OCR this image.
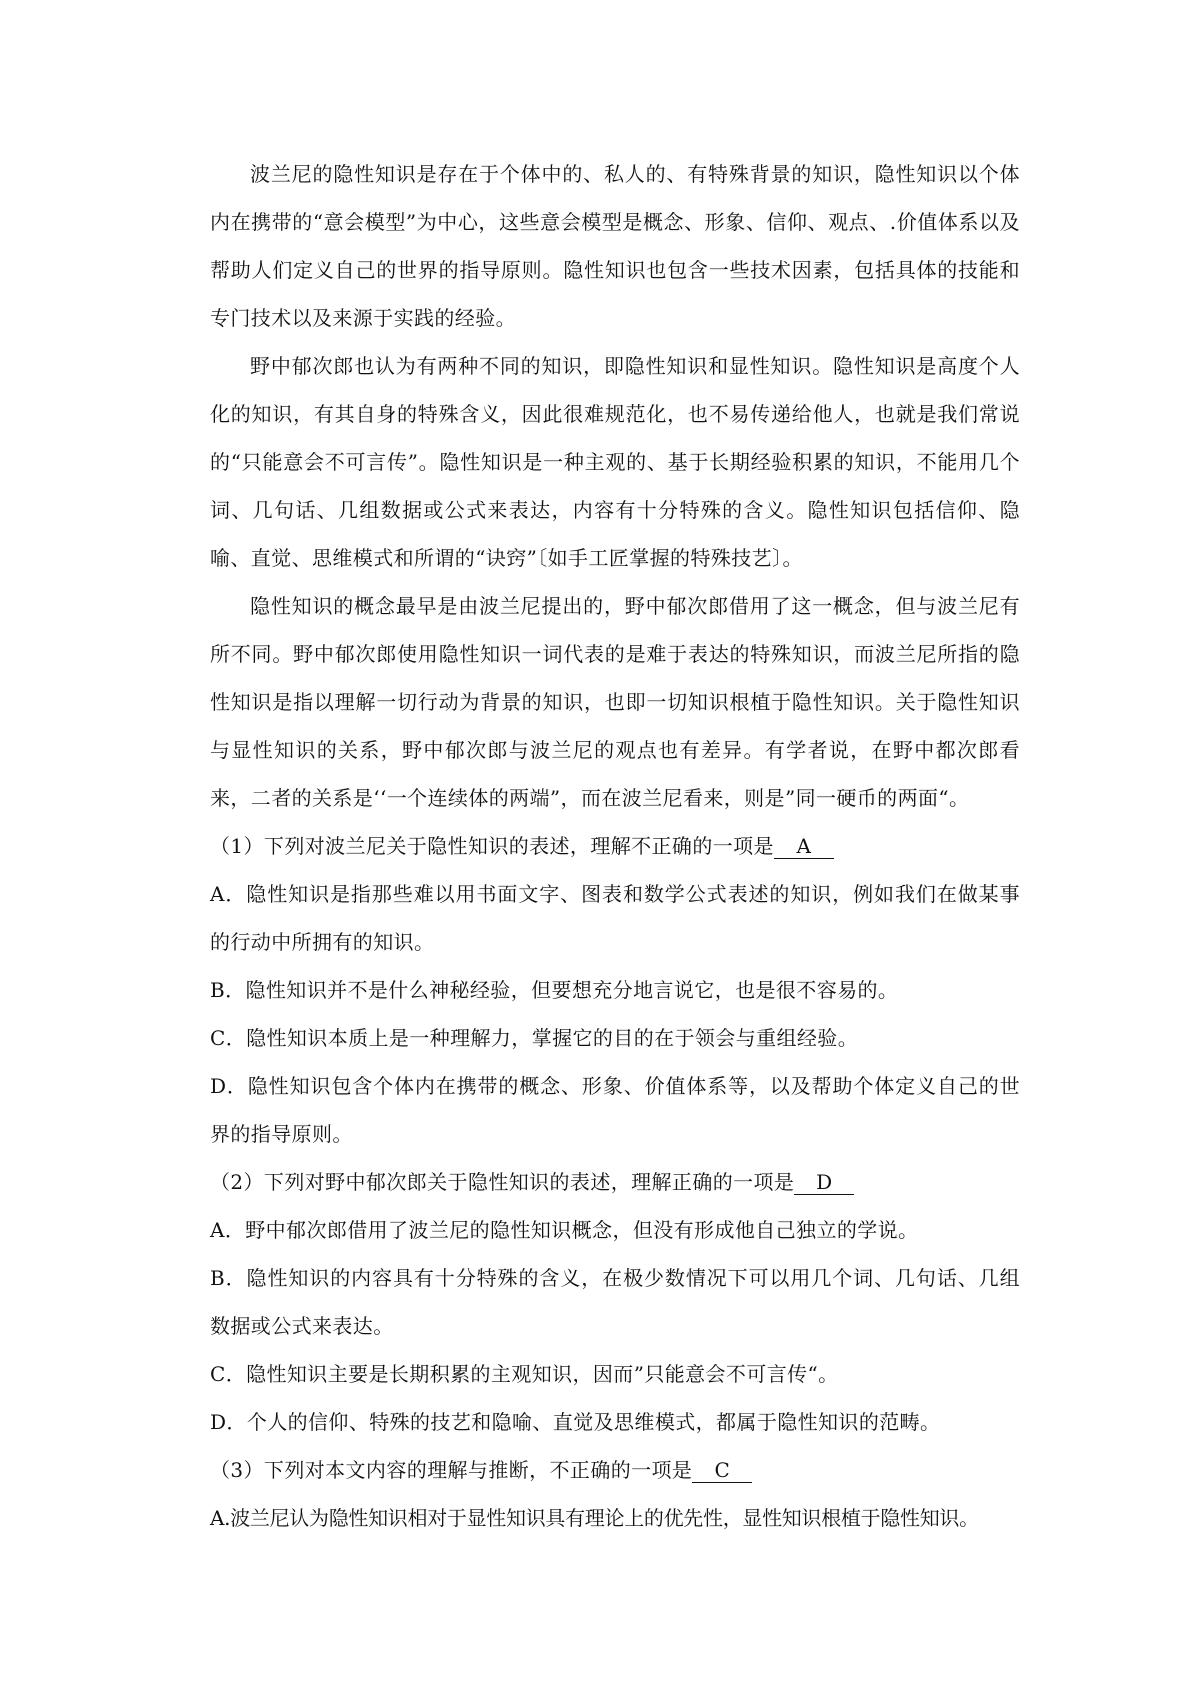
波兰尼的隐性知识是存在于个体中的、私人的、有特殊背景的知识，隐性知识以个体内在携带的“意会模型”为中心，这些意会模型是概念、形象、信仰、观点、.价值体系以及帮助人们定义自己的世界的指导原则。隐性知识也包含一些技术因素，包括具体的技能和专门技术以及来源于实践的经验。

野中郁次郎也认为有两种不同的知识，即隐性知识和显性知识。隐性知识是高度个人化的知识，有其自身的特殊含义，因此很难规范化，也不易传递给他人，也就是我们常说的“只能意会不可言传”。隐性知识是一种主观的、基于长期经验积累的知识，不能用几个词、几句话、几组数据或公式来表达，内容有十分特殊的含义。隐性知识包括信仰、隐喻、直觉、思维模式和所谓的“诀窍”〔如手工匠掌握的特殊技艺〕。

隐性知识的概念最早是由波兰尼提出的，野中郁次郎借用了这一概念，但与波兰尼有所不同。野中郁次郎使用隐性知识一词代表的是难于表达的特殊知识，而波兰尼所指的隐性知识是指以理解一切行动为背景的知识，也即一切知识根植于隐性知识。关于隐性知识与显性知识的关系，野中郁次郎与波兰尼的观点也有差异。有学者说，在野中都次郎看来，二者的关系是‘‘一个连续体的两端”，而在波兰尼看来，则是”同一硬币的两面“。

（1）下列对波兰尼关于隐性知识的表述，理解不正确的一项是 A

A．隐性知识是指那些难以用书面文字、图表和数学公式表述的知识，例如我们在做某事的行动中所拥有的知识。

B．隐性知识并不是什么神秘经验，但要想充分地言说它，也是很不容易的。

C．隐性知识本质上是一种理解力，掌握它的目的在于领会与重组经验。

D．隐性知识包含个体内在携带的概念、形象、价值体系等，以及帮助个体定义自己的世界的指导原则。

（2）下列对野中郁次郎关于隐性知识的表述，理解正确的一项是 D

A．野中郁次郎借用了波兰尼的隐性知识概念，但没有形成他自己独立的学说。

B．隐性知识的内容具有十分特殊的含义，在极少数情况下可以用几个词、几句话、几组数据或公式来表达。

C．隐性知识主要是长期积累的主观知识，因而”只能意会不可言传“。

D．个人的信仰、特殊的技艺和隐喻、直觉及思维模式，都属于隐性知识的范畴。

（3）下列对本文内容的理解与推断，不正确的一项是 C

A.波兰尼认为隐性知识相对于显性知识具有理论上的优先性，显性知识根植于隐性知识。
